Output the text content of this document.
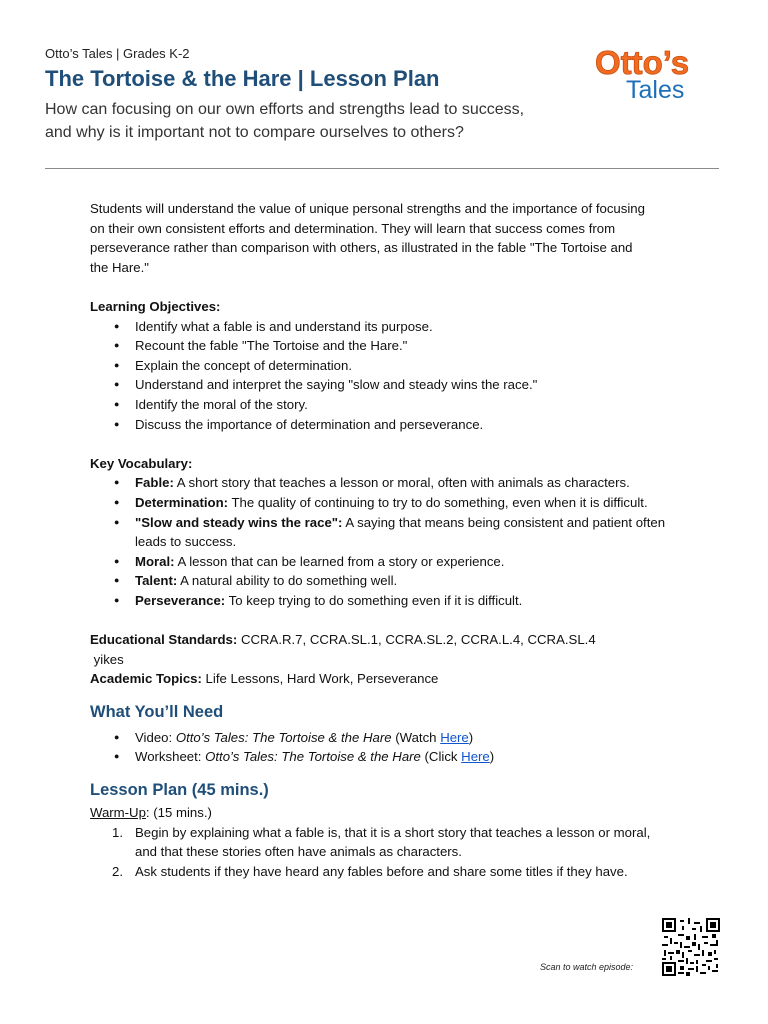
Otto’s Tales | Grades K-2
The Tortoise & the Hare | Lesson Plan
How can focusing on our own efforts and strengths lead to success,
and why is it important not to compare ourselves to others?
Otto’s
Tales

Students will understand the value of unique personal strengths and the importance of focusing
on their own consistent efforts and determination. They will learn that success comes from
perseverance rather than comparison with others, as illustrated in the fable "The Tortoise and
the Hare."

Learning Objectives:

● Identify what a fable is and understand its purpose.
● Recount the fable "The Tortoise and the Hare."
● Explain the concept of determination.
● Understand and interpret the saying "slow and steady wins the race."
● Identify the moral of the story.
● Discuss the importance of determination and perseverance.

Key Vocabulary:

● Fable: A short story that teaches a lesson or moral, often with animals as characters.
● Determination: The quality of continuing to try to do something, even when it is difficult.
● "Slow and steady wins the race": A saying that means being consistent and patient often
leads to success.
● Moral: A lesson that can be learned from a story or experience.
● Talent: A natural ability to do something well.
● Perseverance: To keep trying to do something even if it is difficult.

Educational Standards: CCRA.R.7, CCRA.SL.1, CCRA.SL.2, CCRA.L.4, CCRA.SL.4

yikes

Academic Topics: Life Lessons, Hard Work, Perseverance

What You’ll Need

● Video: Otto’s Tales: The Tortoise & the Hare (Watch Here)
● Worksheet: Otto’s Tales: The Tortoise & the Hare (Click Here)

Lesson Plan (45 mins.)

Warm-Up: (15 mins.)

1. Begin by explaining what a fable is, that it is a short story that teaches a lesson or moral,
and that these stories often have animals as characters.
2. Ask students if they have heard any fables before and share some titles if they have.
Scan to watch episode:
